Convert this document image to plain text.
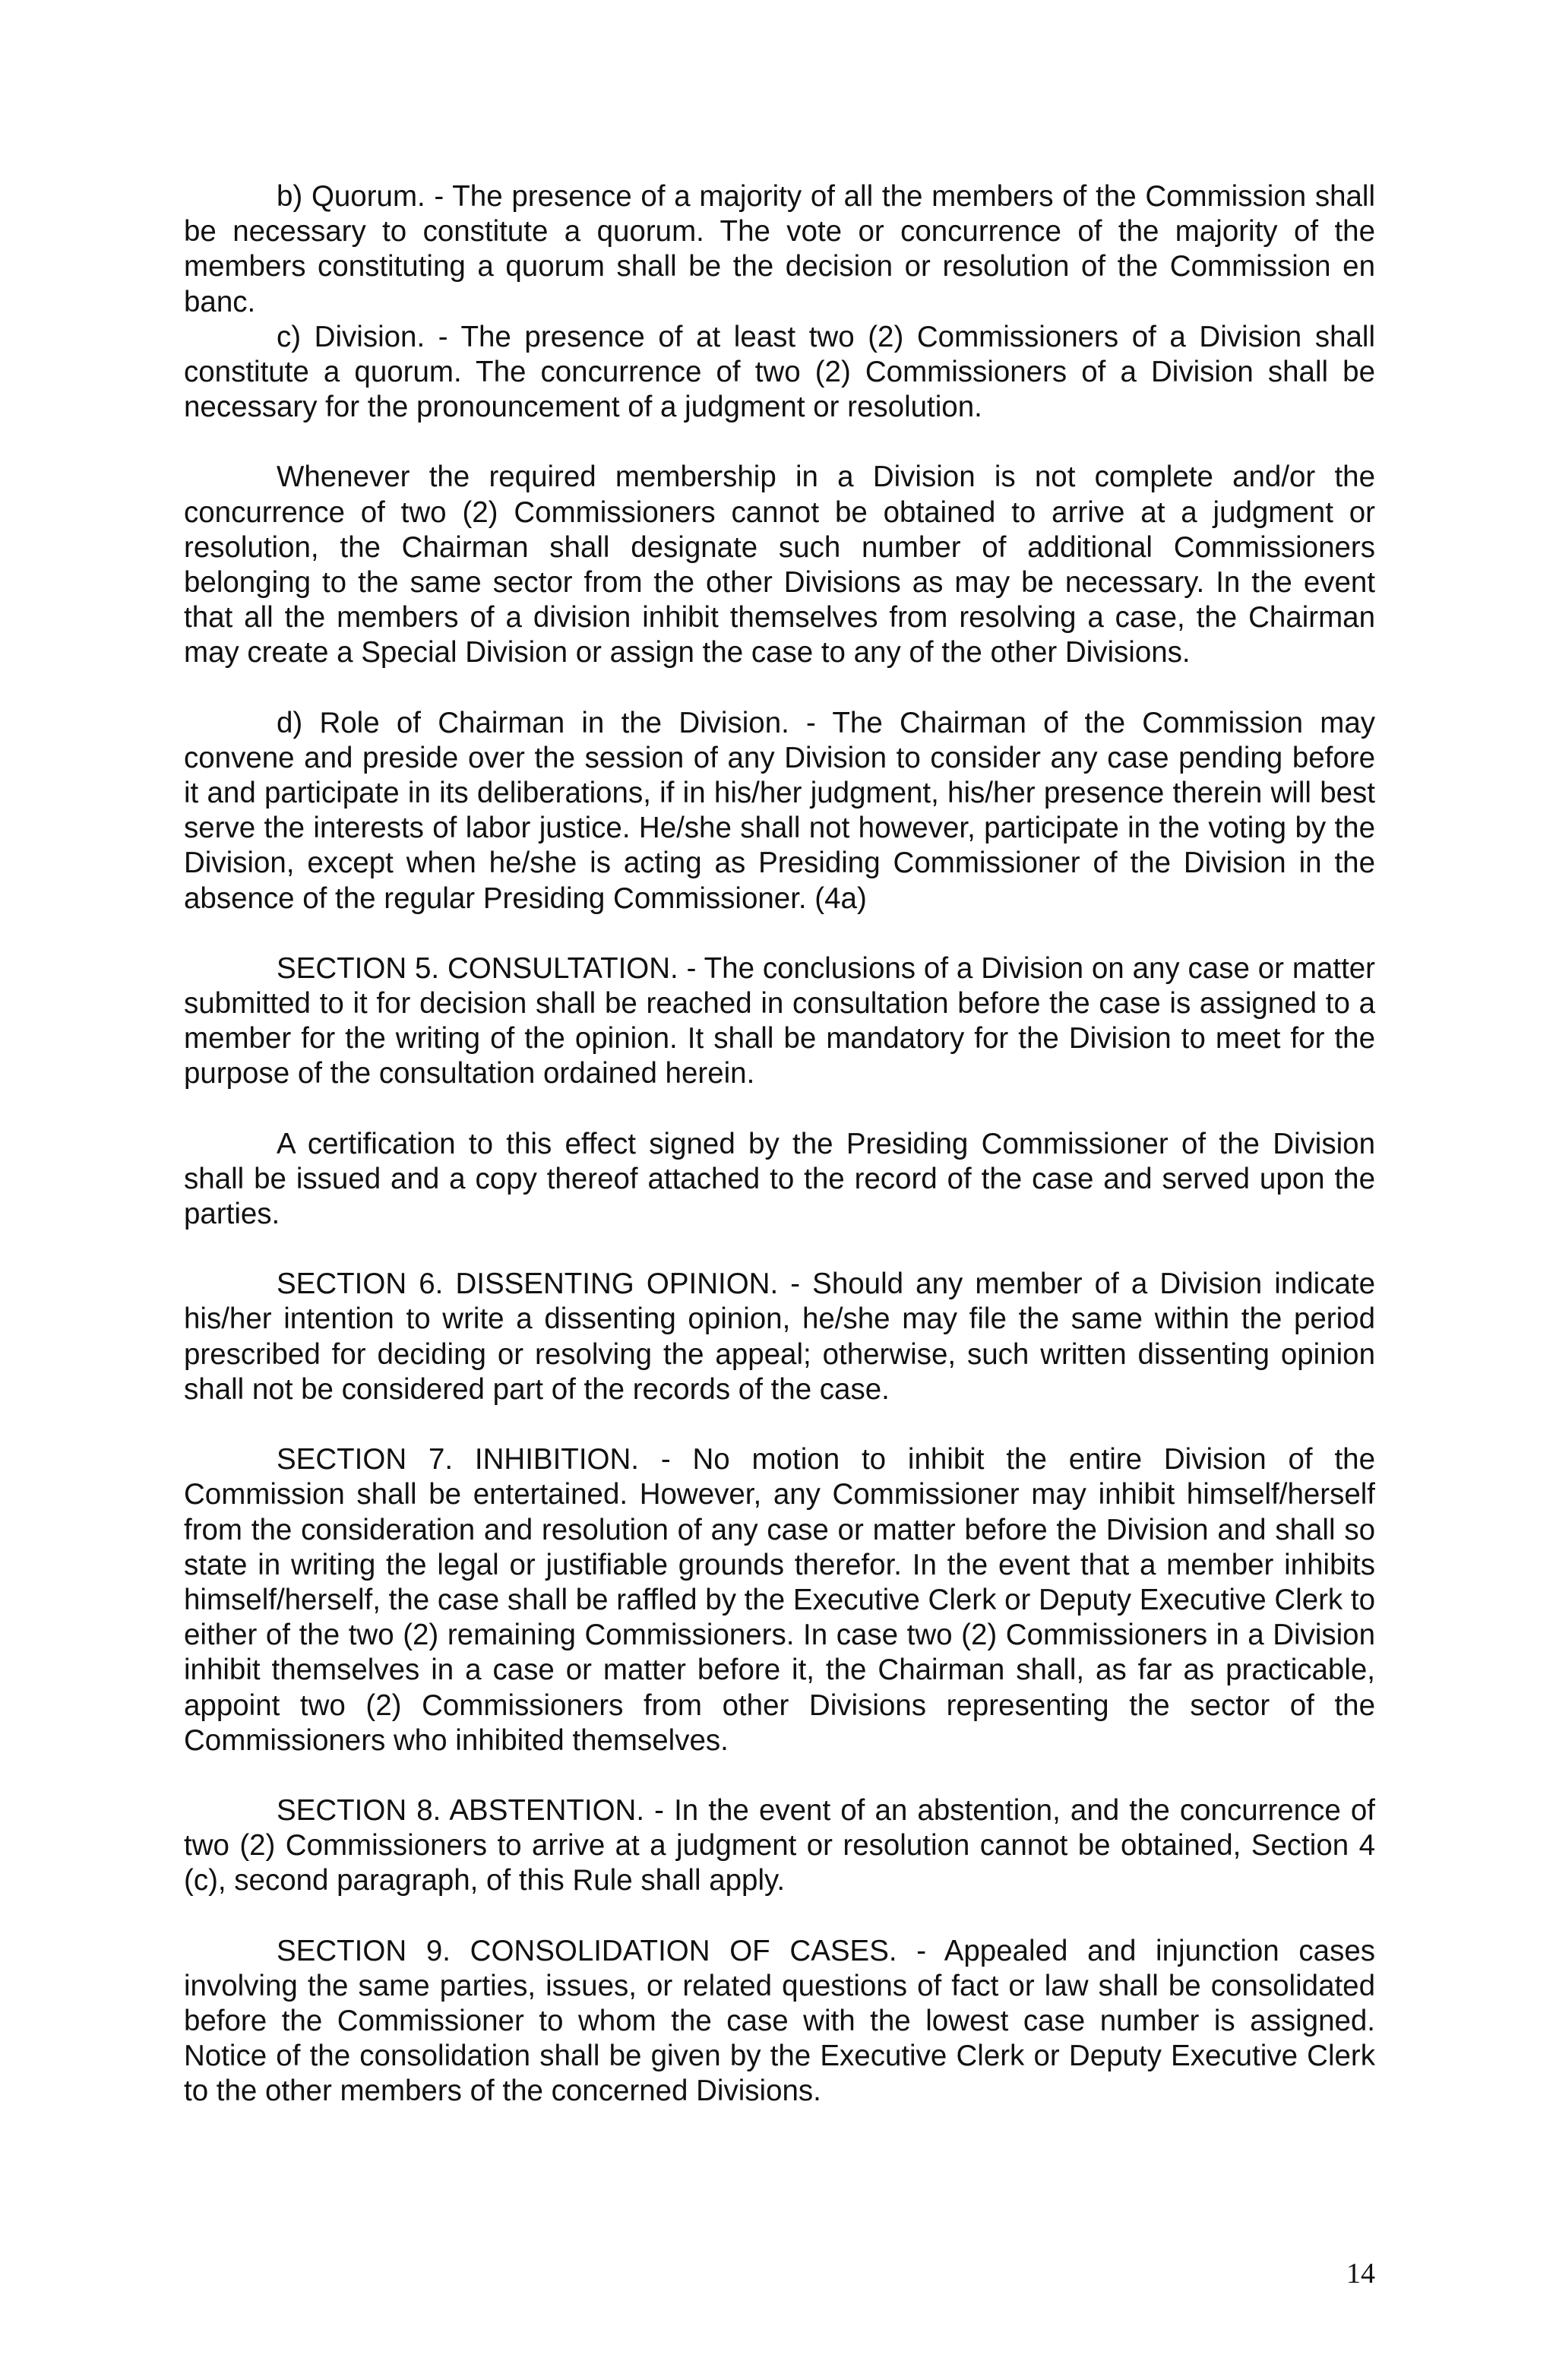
b) Quorum. - The presence of a majority of all the members of the Commission shall be necessary to constitute a quorum. The vote or concurrence of the majority of the members constituting a quorum shall be the decision or resolution of the Commission en banc.

c) Division. - The presence of at least two (2) Commissioners of a Division shall constitute a quorum. The concurrence of two (2) Commissioners of a Division shall be necessary for the pronouncement of a judgment or resolution.

Whenever the required membership in a Division is not complete and/or the concurrence of two (2) Commissioners cannot be obtained to arrive at a judgment or resolution, the Chairman shall designate such number of additional Commissioners belonging to the same sector from the other Divisions as may be necessary. In the event that all the members of a division inhibit themselves from resolving a case, the Chairman may create a Special Division or assign the case to any of the other Divisions.

d) Role of Chairman in the Division. - The Chairman of the Commission may convene and preside over the session of any Division to consider any case pending before it and participate in its deliberations, if in his/her judgment, his/her presence therein will best serve the interests of labor justice. He/she shall not however, participate in the voting by the Division, except when he/she is acting as Presiding Commissioner of the Division in the absence of the regular Presiding Commissioner. (4a)

SECTION 5. CONSULTATION. - The conclusions of a Division on any case or matter submitted to it for decision shall be reached in consultation before the case is assigned to a member for the writing of the opinion. It shall be mandatory for the Division to meet for the purpose of the consultation ordained herein.

A certification to this effect signed by the Presiding Commissioner of the Division shall be issued and a copy thereof attached to the record of the case and served upon the parties.

SECTION 6. DISSENTING OPINION. - Should any member of a Division indicate his/her intention to write a dissenting opinion, he/she may file the same within the period prescribed for deciding or resolving the appeal; otherwise, such written dissenting opinion shall not be considered part of the records of the case.

SECTION 7. INHIBITION. - No motion to inhibit the entire Division of the Commission shall be entertained. However, any Commissioner may inhibit himself/herself from the consideration and resolution of any case or matter before the Division and shall so state in writing the legal or justifiable grounds therefor. In the event that a member inhibits himself/herself, the case shall be raffled by the Executive Clerk or Deputy Executive Clerk to either of the two (2) remaining Commissioners. In case two (2) Commissioners in a Division inhibit themselves in a case or matter before it, the Chairman shall, as far as practicable, appoint two (2) Commissioners from other Divisions representing the sector of the Commissioners who inhibited themselves.

SECTION 8. ABSTENTION. - In the event of an abstention, and the concurrence of two (2) Commissioners to arrive at a judgment or resolution cannot be obtained, Section 4 (c), second paragraph, of this Rule shall apply.

SECTION 9. CONSOLIDATION OF CASES. - Appealed and injunction cases involving the same parties, issues, or related questions of fact or law shall be consolidated before the Commissioner to whom the case with the lowest case number is assigned. Notice of the consolidation shall be given by the Executive Clerk or Deputy Executive Clerk to the other members of the concerned Divisions.

14
